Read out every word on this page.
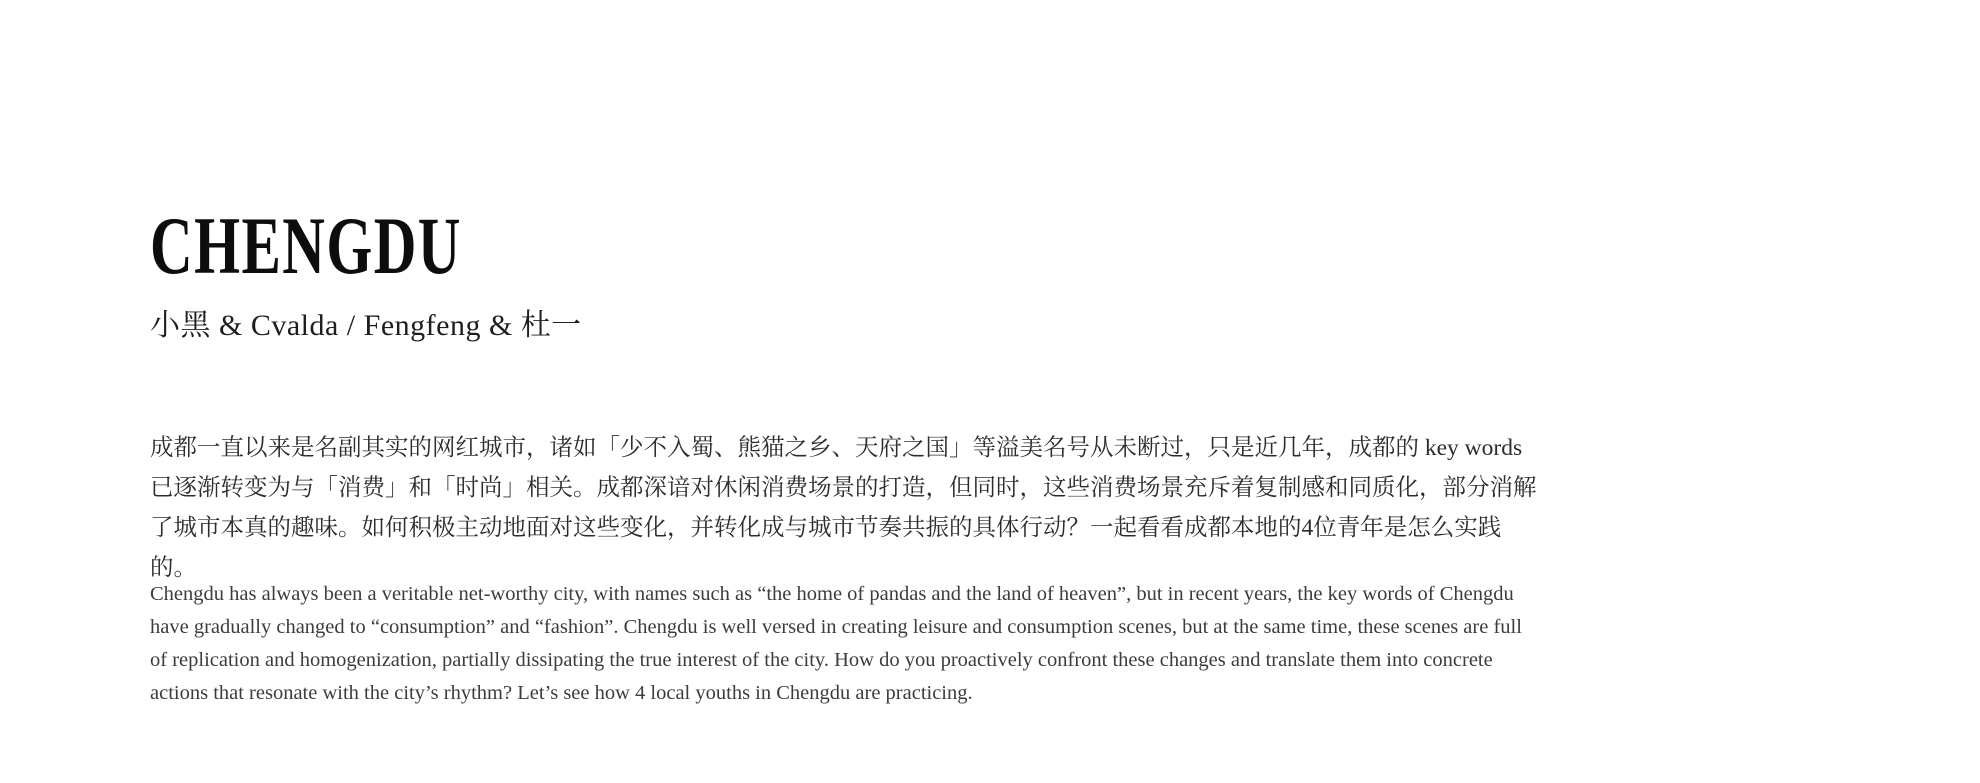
CHENGDU
小黑 & Cvalda / Fengfeng & 杜一

成都一直以来是名副其实的网红城市，诸如「少不入蜀、熊猫之乡、天府之国」等溢美名号从未断过，只是近几年，成都的 key words 已逐渐转变为与「消费」和「时尚」相关。成都深谙对休闲消费场景的打造，但同时，这些消费场景充斥着复制感和同质化，部分消解了城市本真的趣味。如何积极主动地面对这些变化，并转化成与城市节奏共振的具体行动？一起看看成都本地的4位青年是怎么实践的。

Chengdu has always been a veritable net-worthy city, with names such as “the home of pandas and the land of heaven”, but in recent years, the key words of Chengdu have gradually changed to “consumption” and “fashion”. Chengdu is well versed in creating leisure and consumption scenes, but at the same time, these scenes are full of replication and homogenization, partially dissipating the true interest of the city. How do you proactively confront these changes and translate them into concrete actions that resonate with the city’s rhythm? Let’s see how 4 local youths in Chengdu are practicing.
